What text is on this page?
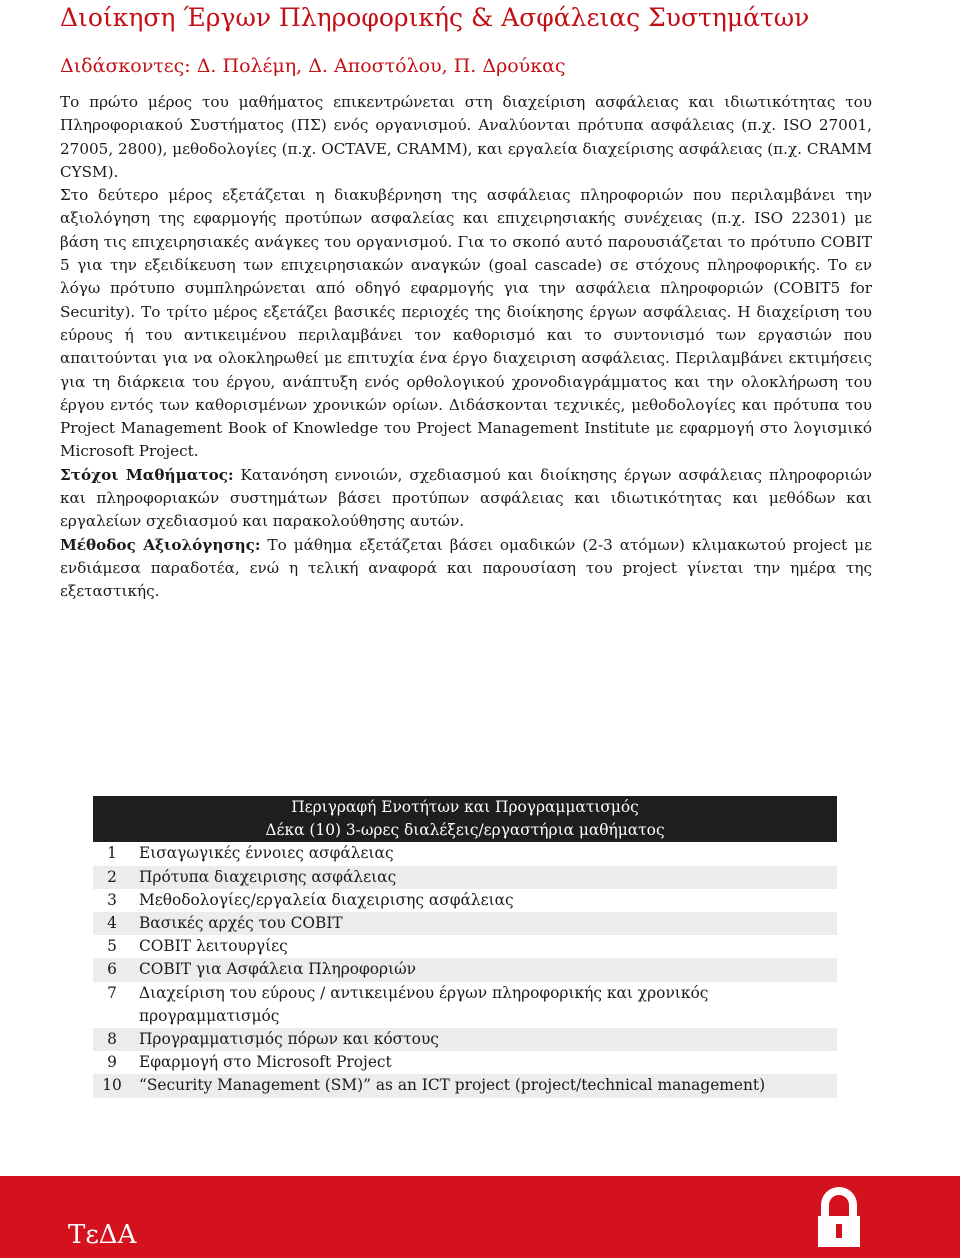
Διοίκηση Έργων Πληροφορικής & Ασφάλειας Συστημάτων
Διδάσκοντες: Δ. Πολέμη, Δ. Αποστόλου, Π. Δρούκας

Το πρώτο μέρος του μαθήματος επικεντρώνεται στη διαχείριση ασφάλειας και ιδιωτικότητας του Πληροφοριακού Συστήματος (ΠΣ) ενός οργανισμού. Αναλύονται πρότυπα ασφάλειας (π.χ. ISO 27001, 27005, 2800), μεθοδολογίες (π.χ. OCTAVE, CRAMM), και εργαλεία διαχείρισης ασφάλειας (π.χ. CRAMM CYSM).

Στο δεύτερο μέρος εξετάζεται η διακυβέρνηση της ασφάλειας πληροφοριών που περιλαμβάνει την αξιολόγηση της εφαρμογής προτύπων ασφαλείας και επιχειρησιακής συνέχειας (π.χ. ISO 22301) με βάση τις επιχειρησιακές ανάγκες του οργανισμού. Για το σκοπό αυτό παρουσιάζεται το πρότυπο COBIT 5 για την εξειδίκευση των επιχειρησιακών αναγκών (goal cascade) σε στόχους πληροφορικής. Το εν λόγω πρότυπο συμπληρώνεται από οδηγό εφαρμογής για την ασφάλεια πληροφοριών (COBIT5 for Security). Το τρίτο μέρος εξετάζει βασικές περιοχές της διοίκησης έργων ασφάλειας. Η διαχείριση του εύρους ή του αντικειμένου περιλαμβάνει τον καθορισμό και το συντονισμό των εργασιών που απαιτούνται για να ολοκληρωθεί με επιτυχία ένα έργο διαχειριση ασφάλειας. Περιλαμβάνει εκτιμήσεις για τη διάρκεια του έργου, ανάπτυξη ενός ορθολογικού χρονοδιαγράμματος και την ολοκλήρωση του έργου εντός των καθορισμένων χρονικών ορίων. Διδάσκονται τεχνικές, μεθοδολογίες και πρότυπα του Project Management Book of Knowledge του Project Management Institute με εφαρμογή στο λογισμικό Microsoft Project.

Στόχοι Μαθήματος: Κατανόηση εννοιών, σχεδιασμού και διοίκησης έργων ασφάλειας πληροφοριών και πληροφοριακών συστημάτων βάσει προτύπων ασφάλειας και ιδιωτικότητας και μεθόδων και εργαλείων σχεδιασμού και παρακολούθησης αυτών.

Μέθοδος Αξιολόγησης: Το μάθημα εξετάζεται βάσει ομαδικών (2-3 ατόμων) κλιμακωτού project με ενδιάμεσα παραδοτέα, ενώ η τελική αναφορά και παρουσίαση του project γίνεται την ημέρα της εξεταστικής.

Περιγραφή Ενοτήτων και Προγραμματισμός	
Δέκα (10) 3-ωρες διαλέξεις/εργαστήρια μαθήματος	
1	Εισαγωγικές έννοιες ασφάλειας
2	Πρότυπα διαχειρισης ασφάλειας
3	Μεθοδολογίες/εργαλεία διαχειρισης ασφάλειας
4	Βασικές αρχές του COBIT
5	COBIT λειτουργίες
6	COBIT για Ασφάλεια Πληροφοριών
7	Διαχείριση του εύρους / αντικειμένου έργων πληροφορικής και χρονικός προγραμματισμός
8	Προγραμματισμός πόρων και κόστους
9	Εφαρμογή στο Microsoft Project
10	“Security Management (SM)” as an ICT project (project/technical management)
ΤεΔΑ
